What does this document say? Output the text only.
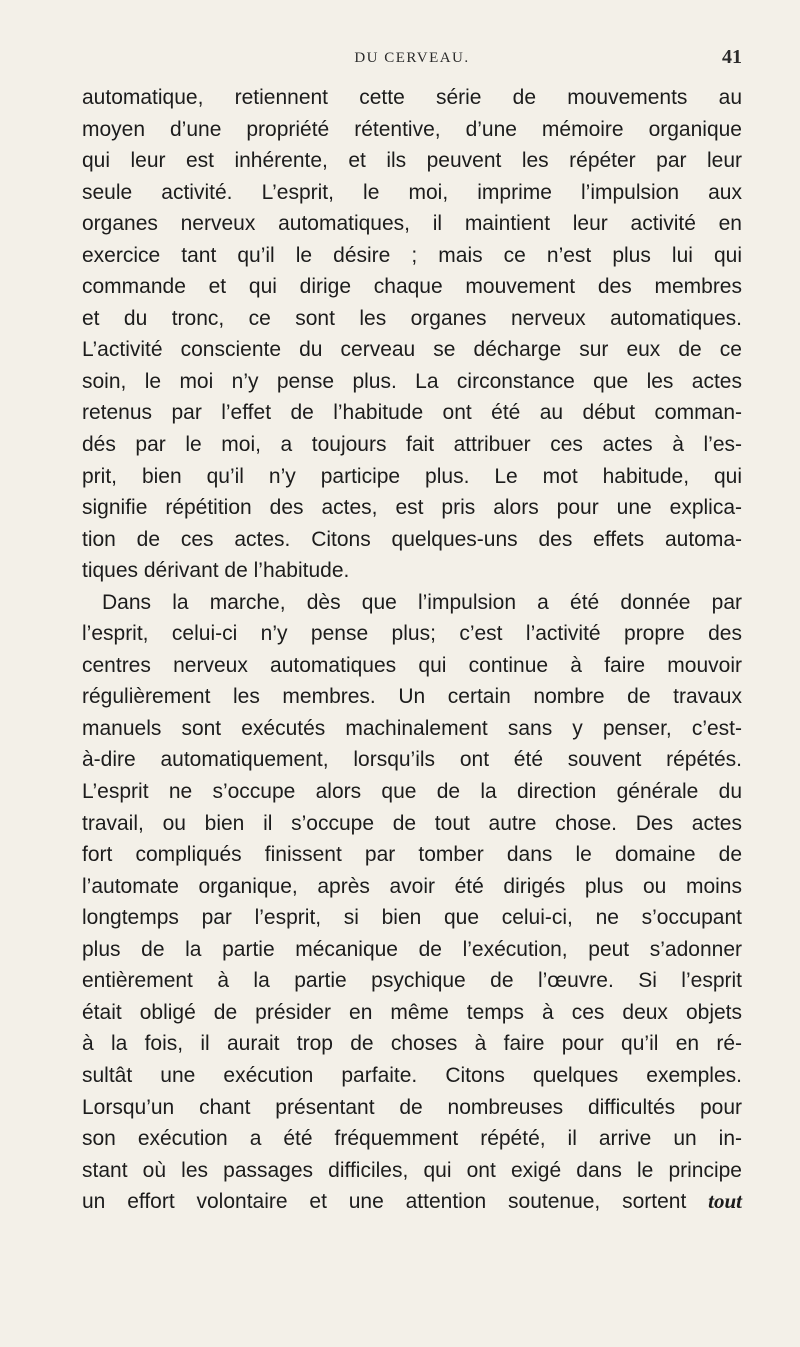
DU CERVEAU.	41
automatique, retiennent cette série de mouvements au
moyen d’une propriété rétentive, d’une mémoire organique
qui leur est inhérente, et ils peuvent les répéter par leur
seule activité. L’esprit, le moi, imprime l’impulsion aux
organes nerveux automatiques, il maintient leur activité en
exercice tant qu’il le désire ; mais ce n’est plus lui qui
commande et qui dirige chaque mouvement des membres
et du tronc, ce sont les organes nerveux automatiques.
L’activité consciente du cerveau se décharge sur eux de ce
soin, le moi n’y pense plus. La circonstance que les actes
retenus par l’effet de l’habitude ont été au début comman-
dés par le moi, a toujours fait attribuer ces actes à l’es-
prit, bien qu’il n’y participe plus. Le mot habitude, qui
signifie répétition des actes, est pris alors pour une explica-
tion de ces actes. Citons quelques-uns des effets automa-
tiques dérivant de l’habitude.
Dans la marche, dès que l’impulsion a été donnée par
l’esprit, celui-ci n’y pense plus; c’est l’activité propre des
centres nerveux automatiques qui continue à faire mouvoir
régulièrement les membres. Un certain nombre de travaux
manuels sont exécutés machinalement sans y penser, c’est-
à-dire automatiquement, lorsqu’ils ont été souvent répétés.
L’esprit ne s’occupe alors que de la direction générale du
travail, ou bien il s’occupe de tout autre chose. Des actes
fort compliqués finissent par tomber dans le domaine de
l’automate organique, après avoir été dirigés plus ou moins
longtemps par l’esprit, si bien que celui-ci, ne s’occupant
plus de la partie mécanique de l’exécution, peut s’adonner
entièrement à la partie psychique de l’œuvre. Si l’esprit
était obligé de présider en même temps à ces deux objets
à la fois, il aurait trop de choses à faire pour qu’il en ré-
sultât une exécution parfaite. Citons quelques exemples.
Lorsqu’un chant présentant de nombreuses difficultés pour
son exécution a été fréquemment répété, il arrive un in-
stant où les passages difficiles, qui ont exigé dans le principe
un effort volontaire et une attention soutenue, sortent tout
